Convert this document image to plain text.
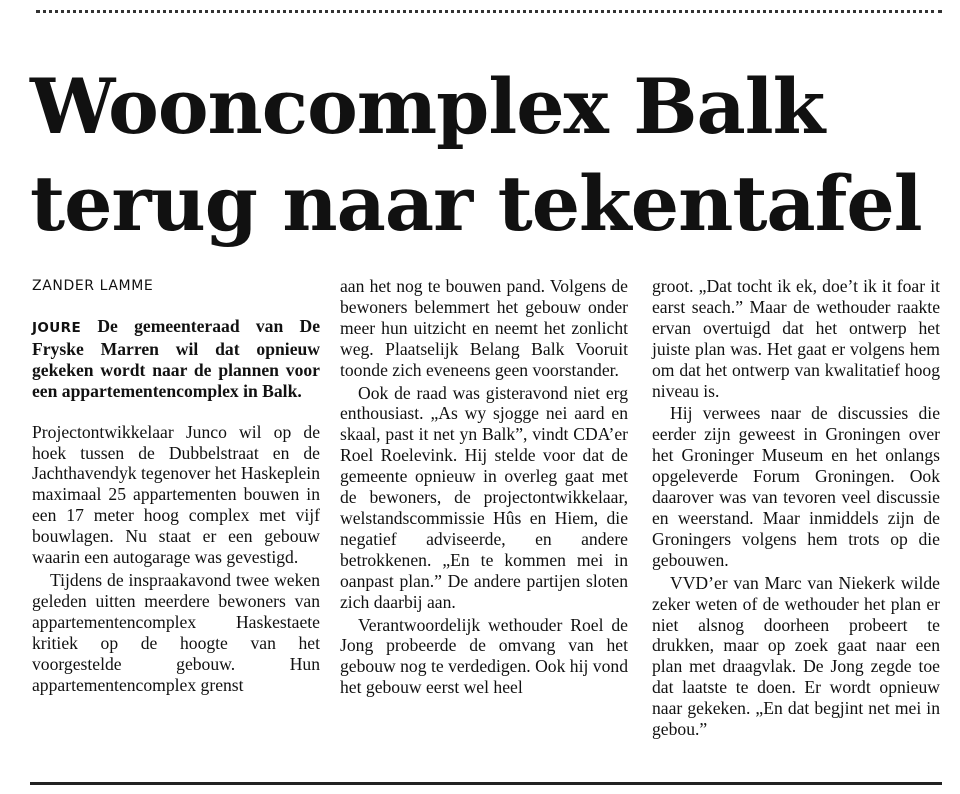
Wooncomplex Balk
terug naar tekentafel
ZANDER LAMME

JOURE De gemeenteraad van De Fryske Marren wil dat opnieuw gekeken wordt naar de plannen voor een appartementencomplex in Balk.

Projectontwikkelaar Junco wil op de hoek tussen de Dubbelstraat en de Jachthavendyk tegenover het Haskeplein maximaal 25 appartementen bouwen in een 17 meter hoog complex met vijf bouwlagen. Nu staat er een gebouw waarin een autogarage was gevestigd.

Tijdens de inspraakavond twee weken geleden uitten meerdere bewoners van appartementencomplex Haskestaete kritiek op de hoogte van het voorgestelde gebouw. Hun appartementencomplex grenst

aan het nog te bouwen pand. Volgens de bewoners belemmert het gebouw onder meer hun uitzicht en neemt het zonlicht weg. Plaatselijk Belang Balk Vooruit toonde zich eveneens geen voorstander.

Ook de raad was gisteravond niet erg enthousiast. „As wy sjogge nei aard en skaal, past it net yn Balk”, vindt CDA’er Roel Roelevink. Hij stelde voor dat de gemeente opnieuw in overleg gaat met de bewoners, de projectontwikkelaar, welstandscommissie Hûs en Hiem, die negatief adviseerde, en andere betrokkenen. „En te kommen mei in oanpast plan.” De andere partijen sloten zich daarbij aan.

Verantwoordelijk wethouder Roel de Jong probeerde de omvang van het gebouw nog te verdedigen. Ook hij vond het gebouw eerst wel heel

groot. „Dat tocht ik ek, doe’t ik it foar it earst seach.” Maar de wethouder raakte ervan overtuigd dat het ontwerp het juiste plan was. Het gaat er volgens hem om dat het ontwerp van kwalitatief hoog niveau is.

Hij verwees naar de discussies die eerder zijn geweest in Groningen over het Groninger Museum en het onlangs opgeleverde Forum Groningen. Ook daarover was van tevoren veel discussie en weerstand. Maar inmiddels zijn de Groningers volgens hem trots op die gebouwen.

VVD’er van Marc van Niekerk wilde zeker weten of de wethouder het plan er niet alsnog doorheen probeert te drukken, maar op zoek gaat naar een plan met draagvlak. De Jong zegde toe dat laatste te doen. Er wordt opnieuw naar gekeken. „En dat begjint net mei in gebou.”
